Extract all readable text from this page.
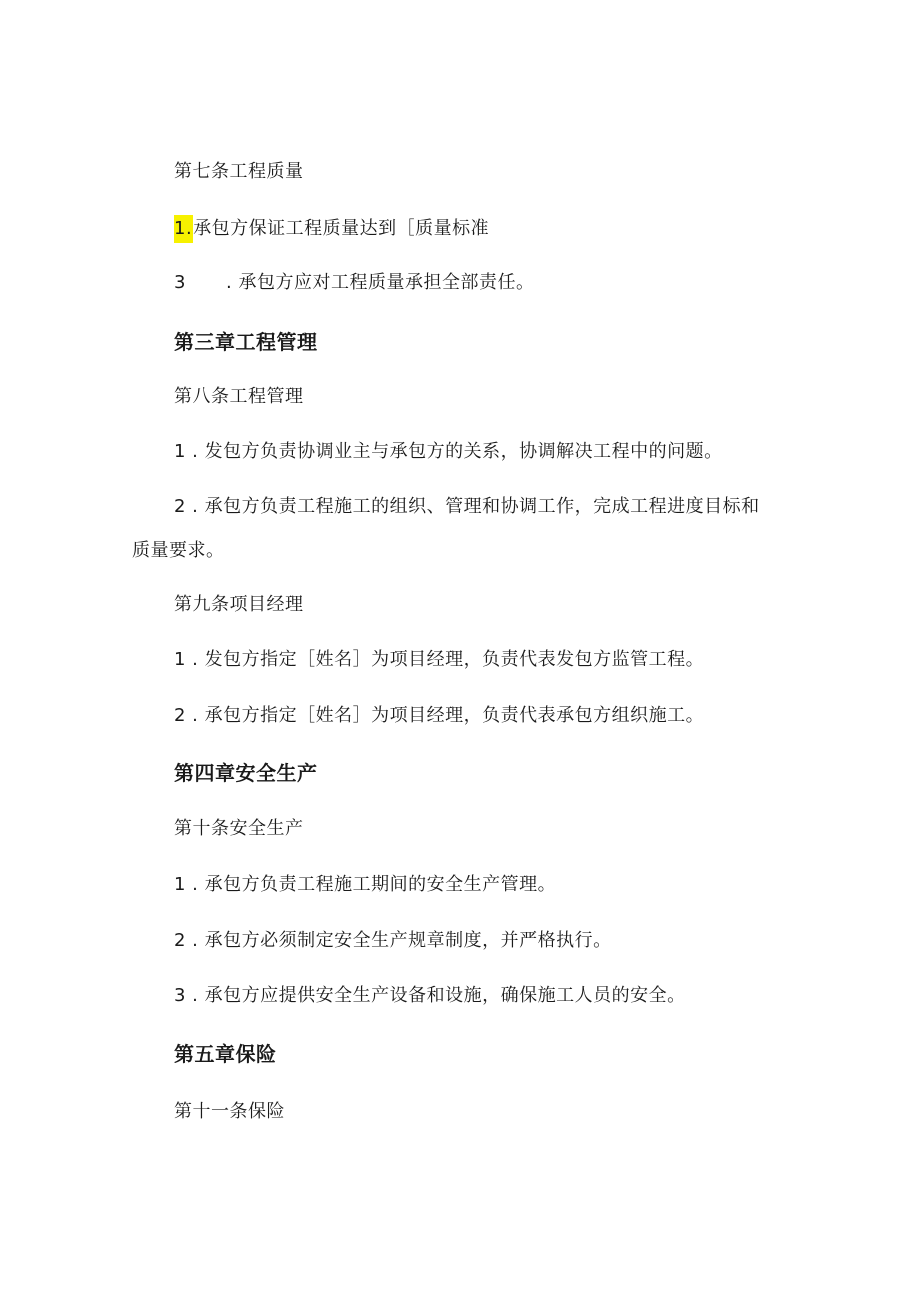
第七条工程质量
1.承包方保证工程质量达到［质量标准
3 . 承包方应对工程质量承担全部责任。
第三章工程管理
第八条工程管理
1 . 发包方负责协调业主与承包方的关系，协调解决工程中的问题。
2 . 承包方负责工程施工的组织、管理和协调工作，完成工程进度目标和质量要求。
第九条项目经理
1 . 发包方指定［姓名］为项目经理，负责代表发包方监管工程。
2 . 承包方指定［姓名］为项目经理，负责代表承包方组织施工。
第四章安全生产
第十条安全生产
1 . 承包方负责工程施工期间的安全生产管理。
2 . 承包方必须制定安全生产规章制度，并严格执行。
3 . 承包方应提供安全生产设备和设施，确保施工人员的安全。
第五章保险
第十一条保险
